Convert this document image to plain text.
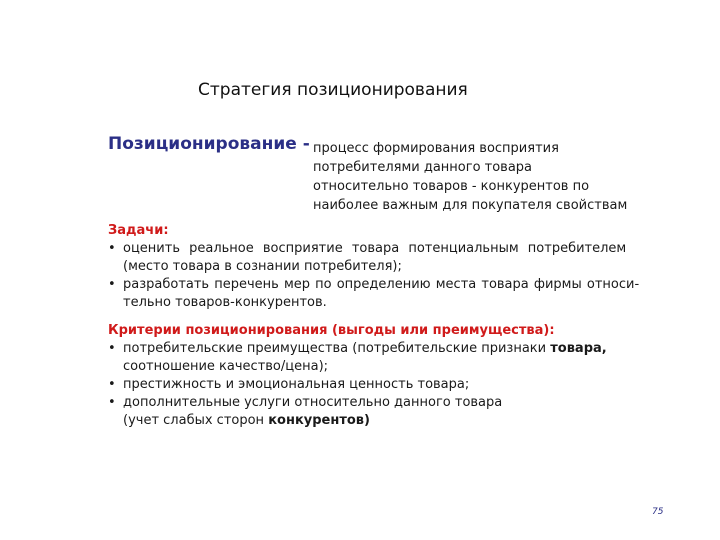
Стратегия позиционирования
Позиционирование - процесс формирования восприятия
потребителями данного товара
относительно товаров - конкурентов по
наиболее важным для покупателя свойствам
Задачи:
• оценить реальное восприятие товара потенциальным потребителем
(место товара в сознании потребителя);
• разработать перечень мер по определению места товара фирмы относи-
тельно товаров-конкурентов.
Критерии позиционирования (выгоды или преимущества):
• потребительские преимущества (потребительские признаки товара,
соотношение качество/цена);
• престижность и эмоциональная ценность товара;
• дополнительные услуги относительно данного товара
(учет слабых сторон конкурентов)
75
